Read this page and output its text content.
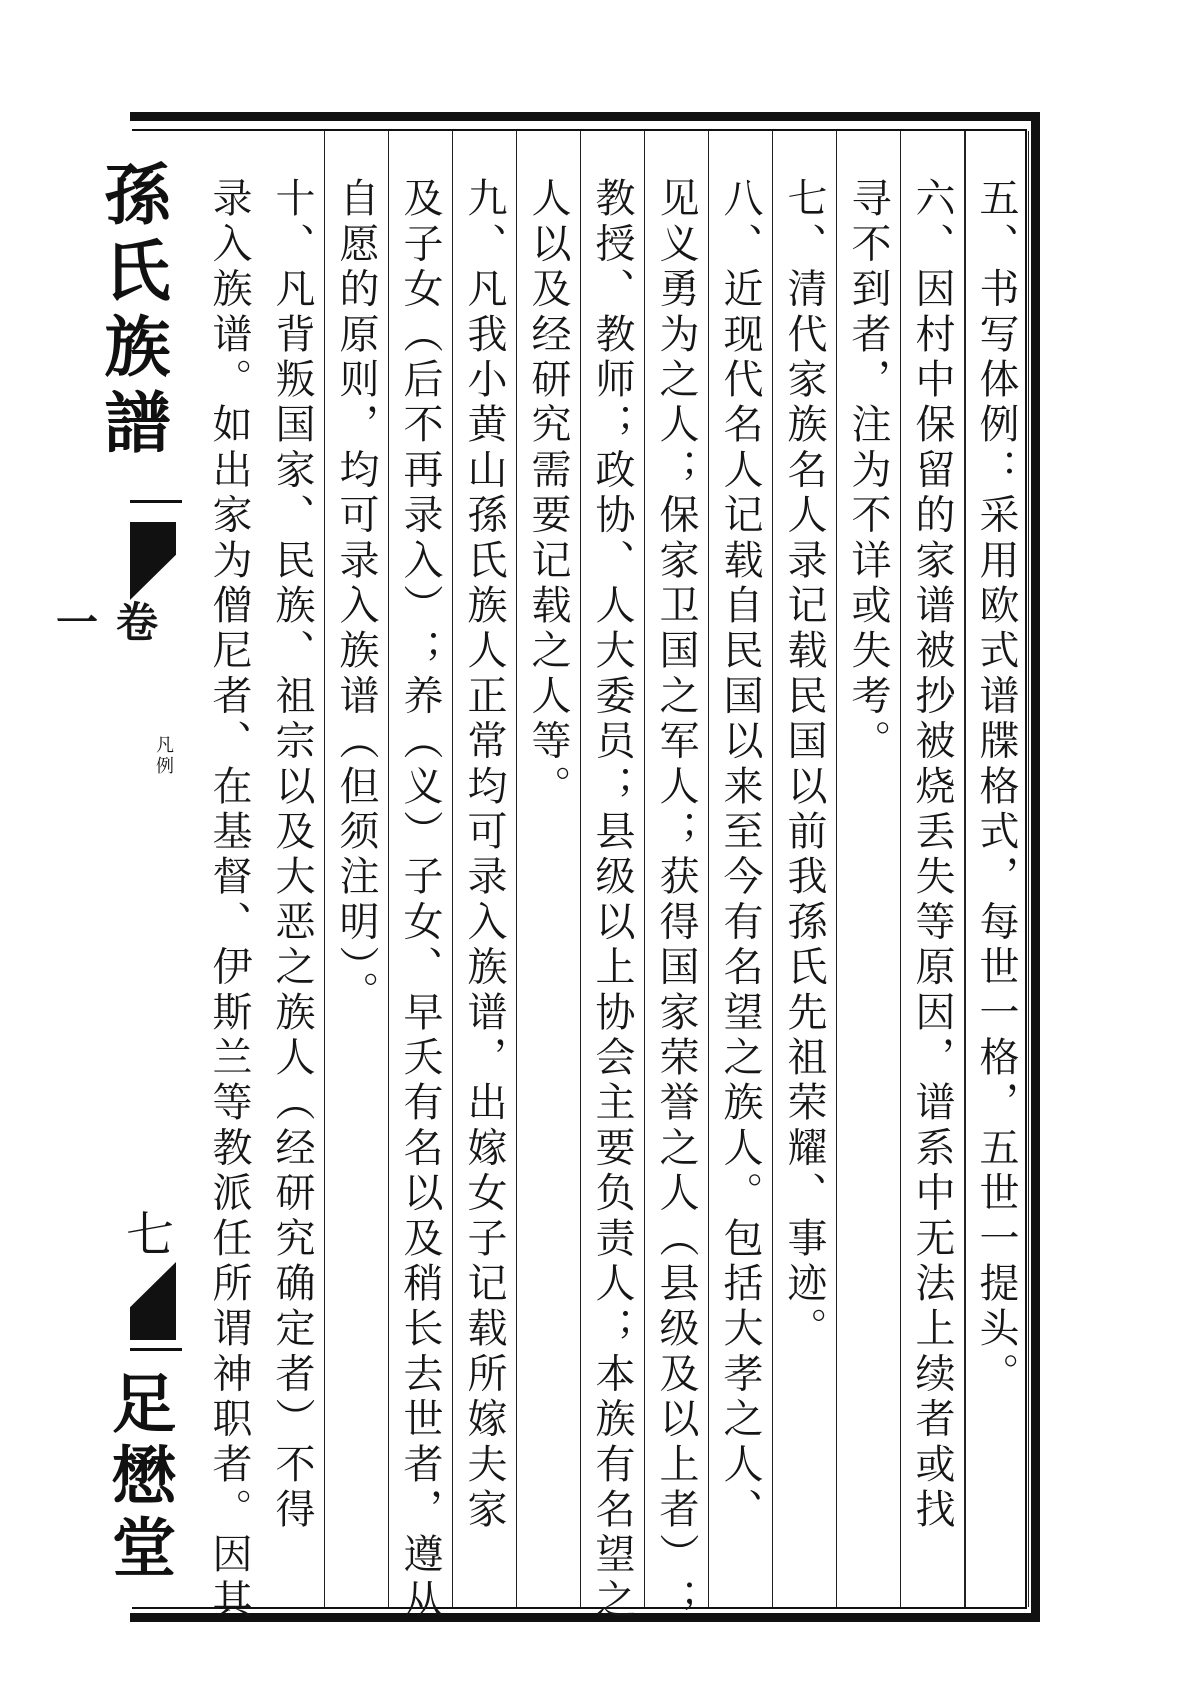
五、书写体例：采用欧式谱牒格式，每世一格，五世一提头。
六、因村中保留的家谱被抄被烧丢失等原因，谱系中无法上续者或找
寻不到者，注为不详或失考。
七、清代家族名人录记载民国以前我孫氏先祖荣耀、事迹。
八、近现代名人记载自民国以来至今有名望之族人。包括大孝之人、
见义勇为之人；保家卫国之军人；获得国家荣誉之人（县级及以上者）；
教授、教师；政协、人大委员；县级以上协会主要负责人；本族有名望之
人以及经研究需要记载之人等。
九、凡我小黄山孫氏族人正常均可录入族谱，出嫁女子记载所嫁夫家
及子女（后不再录入）；养（义）子女、早夭有名以及稍长去世者，遵从
自愿的原则，均可录入族谱（但须注明）。
十、凡背叛国家、民族、祖宗以及大恶之族人（经研究确定者）不得
录入族谱。如出家为僧尼者、在基督、伊斯兰等教派任所谓神职者。因其
孫氏族譜
卷一
凡例
七
足懋堂
